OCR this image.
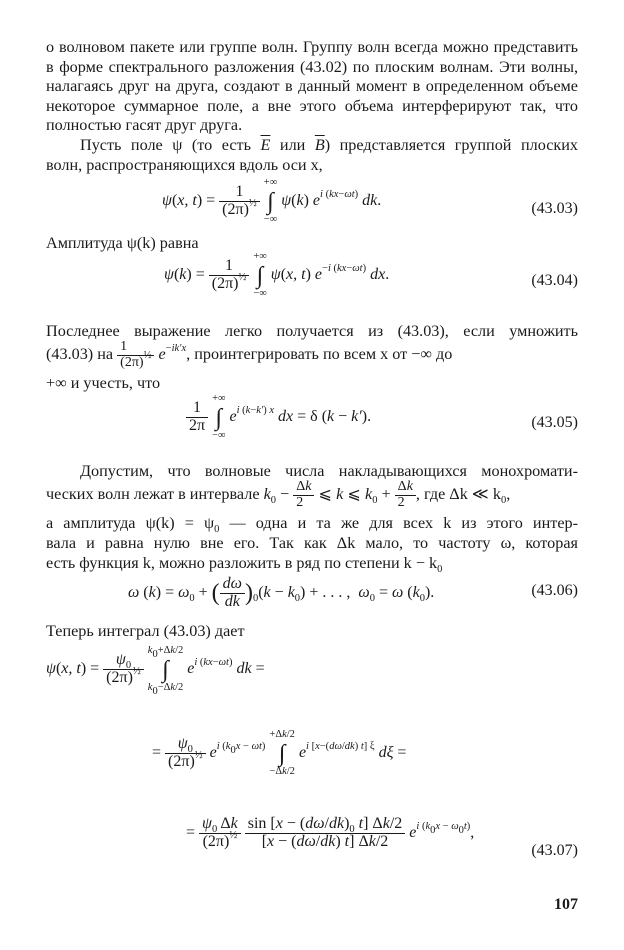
о волновом пакете или группе волн. Группу волн всегда можно представить в форме спектрального разложения (43.02) по плоским волнам. Эти волны, налагаясь друг на друга, создают в данный момент в определенном объеме некоторое суммарное поле, а вне этого объема интерферируют так, что полностью гасят друг друга.

Пусть поле ψ (то есть $\overline{E}$ или $\overline{B}$) представляется группой плоских

волн, распространяющихся вдоль оси x,

ψ(x, $t) = \frac{1}{(2\pi)^{\frac{1}{2}}}$

+∞
∫
−∞
ψ(k) $e^{i (kx-\omega t)}$ dk.	(43.03)

Амплитуда ψ(k) равна

$\psi(k) = \frac{1}{(2\pi)^{\frac{1}{2}}}$

+∞
∫
−∞
ψ(x, t) $e^{-i (kx-\omega t)}$ dx.	(43.04)

Последнее выражение легко получается из (43.03), если умножить

(43.03) на $\frac{1}{(2\pi)^{\frac{1}{2}}} e^{-ik'x}$, проинтегрировать по всем x от −∞ до

+∞ и учесть, что

$\frac{1}{2\pi}$

+∞
∫
−∞
$e^{i (k-k') x}$ dx = δ (k − k′).	(43.05)

Допустим, что волновые числа накладывающихся монохромати-

ческих волн лежат в интервале $k_0 - \frac{\Delta k}{2}$ ⩽ k ⩽ $k_0 + \frac{\Delta k}{2}$ , где Δk ≪ $k_0$,
а амплитуда $\psi(k) = \psi_0$ — одна и та же для всех k из этого интер-

вала и равна нулю вне его. Так как Δk мало, то частоту ω, которая

есть функция k, можно разложить в ряд по степени $k - k_0$
ω $(k) = \omega_0$ + ( $\frac{d\omega}{dk} )_0(k - k_0)$ + . . . ,  $\omega_0 = \omega$ $(k_0)$.	(43.06)

Теперь интеграл (43.03) дает

ψ(x, $t) = \frac{\psi_0}{(2\pi)^{\frac{1}{2}}}$

$k_0+\Delta k/2$
∫
$k_0-\Delta k/2$
$e^{i (kx-\omega t)}$ dk =
= $\frac{\psi_0}{(2\pi)^{\frac{1}{2}}} e^{i (k_0x - \omega t)}$
+Δk/2
∫
−Δk/2
$e^{i [x-(d\omega/dk) t] \xi}$ dξ =
= $\frac{\psi_0 \Delta k}{(2\pi)^{\frac{1}{2}}}$
$\frac{\sin [x - (d\omega/dk)_0 t] \Delta k/2}{[x - (d\omega/dk) t] \Delta k/2} e^{i (k_0x - \omega_0t)}$,
(43.07)
107
